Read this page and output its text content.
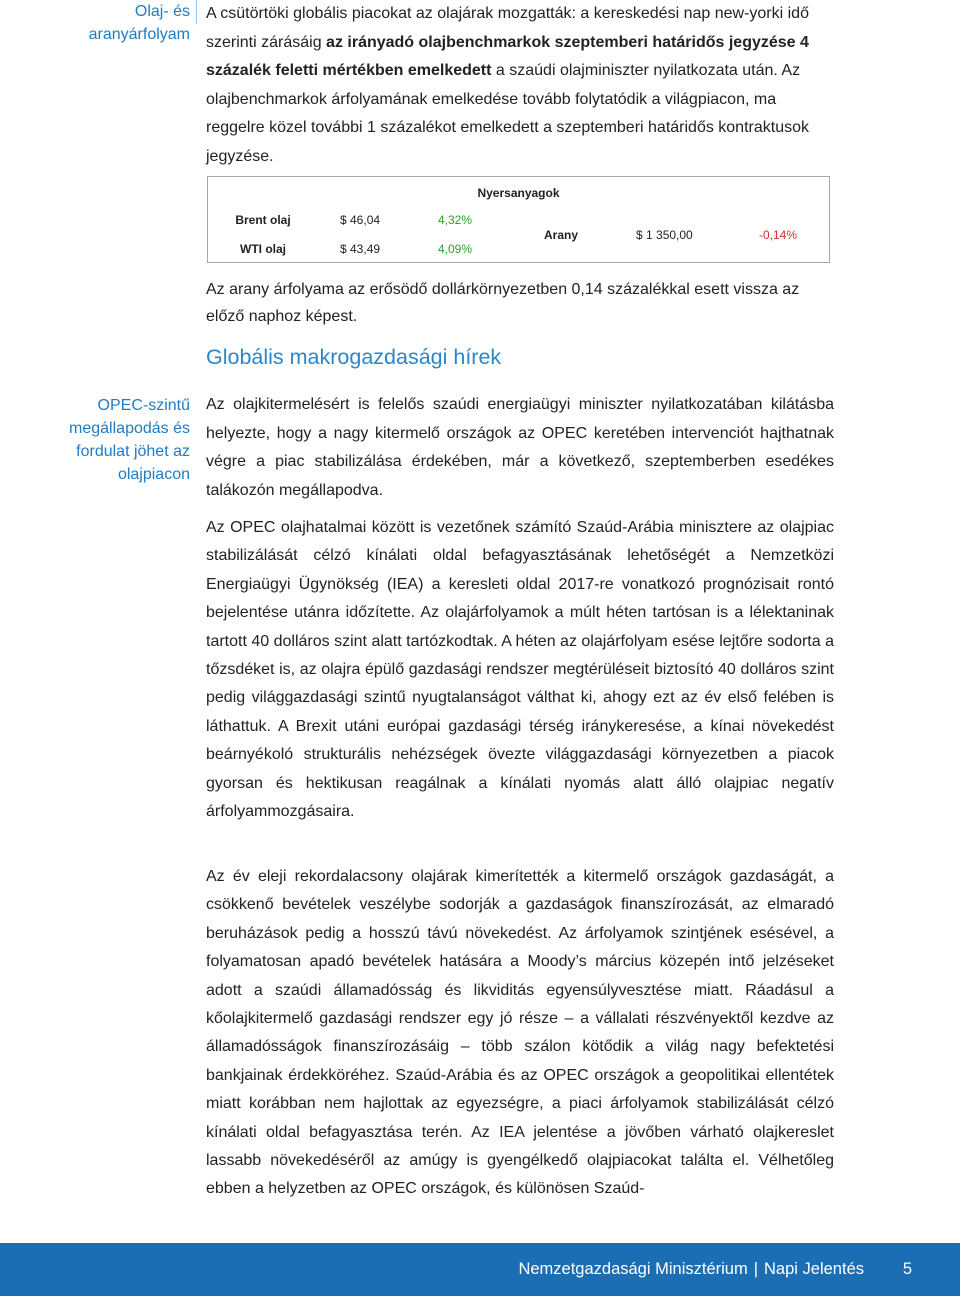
Olaj- és
aranyárfolyam
A csütörtöki globális piacokat az olajárak mozgatták: a kereskedési nap new-yorki idő szerinti zárásáig az irányadó olajbenchmarkok szeptemberi határidős jegyzése 4 százalék feletti mértékben emelkedett a szaúdi olajminiszter nyilatkozata után. Az olajbenchmarkok árfolyamának emelkedése tovább folytatódik a világpiacon, ma reggelre közel további 1 százalékot emelkedett a szeptemberi határidős kontraktusok jegyzése.
Nyersanyagok
Brent olaj	$ 46,04	4,32%
WTI olaj	$ 43,49	4,09%
Arany	$ 1 350,00	-0,14%

Az arany árfolyama az erősödő dollárkörnyezetben 0,14 százalékkal esett vissza az előző naphoz képest.

Globális makrogazdasági hírek
OPEC-szintű
megállapodás és
fordulat jöhet az
olajpiacon

Az olajkitermelésért is felelős szaúdi energiaügyi miniszter nyilatkozatában kilátásba helyezte, hogy a nagy kitermelő országok az OPEC keretében intervenciót hajthatnak végre a piac stabilizálása érdekében, már a következő, szeptemberben esedékes talákozón megállapodva.

Az OPEC olajhatalmai között is vezetőnek számító Szaúd-Arábia minisztere az olajpiac stabilizálását célzó kínálati oldal befagyasztásának lehetőségét a Nemzetközi Energiaügyi Ügynökség (IEA) a keresleti oldal 2017-re vonatkozó prognózisait rontó bejelentése utánra időzítette. Az olajárfolyamok a múlt héten tartósan is a lélektaninak tartott 40 dolláros szint alatt tartózkodtak. A héten az olajárfolyam esése lejtőre sodorta a tőzsdéket is, az olajra épülő gazdasági rendszer megtérüléseit biztosító 40 dolláros szint pedig világgazdasági szintű nyugtalanságot válthat ki, ahogy ezt az év első felében is láthattuk. A Brexit utáni európai gazdasági térség iránykeresése, a kínai növekedést beárnyékoló strukturális nehézségek övezte világgazdasági környezetben a piacok gyorsan és hektikusan reagálnak a kínálati nyomás alatt álló olajpiac negatív árfolyammozgásaira.

Az év eleji rekordalacsony olajárak kimerítették a kitermelő országok gazdaságát, a csökkenő bevételek veszélybe sodorják a gazdaságok finanszírozását, az elmaradó beruházások pedig a hosszú távú növekedést. Az árfolyamok szintjének esésével, a folyamatosan apadó bevételek hatására a Moody’s március közepén intő jelzéseket adott a szaúdi államadósság és likviditás egyensúlyvesztése miatt. Ráadásul a kőolajkitermelő gazdasági rendszer egy jó része – a vállalati részvényektől kezdve az államadósságok finanszírozásáig – több szálon kötődik a világ nagy befektetési bankjainak érdekköréhez. Szaúd-Arábia és az OPEC országok a geopolitikai ellentétek miatt korábban nem hajlottak az egyezségre, a piaci árfolyamok stabilizálását célzó kínálati oldal befagyasztása terén. Az IEA jelentése a jövőben várható olajkereslet lassabb növekedéséről az amúgy is gyengélkedő olajpiacokat találta el. Vélhetőleg ebben a helyzetben az OPEC országok, és különösen Szaúd-

Nemzetgazdasági Minisztérium | Napi Jelentés 5
